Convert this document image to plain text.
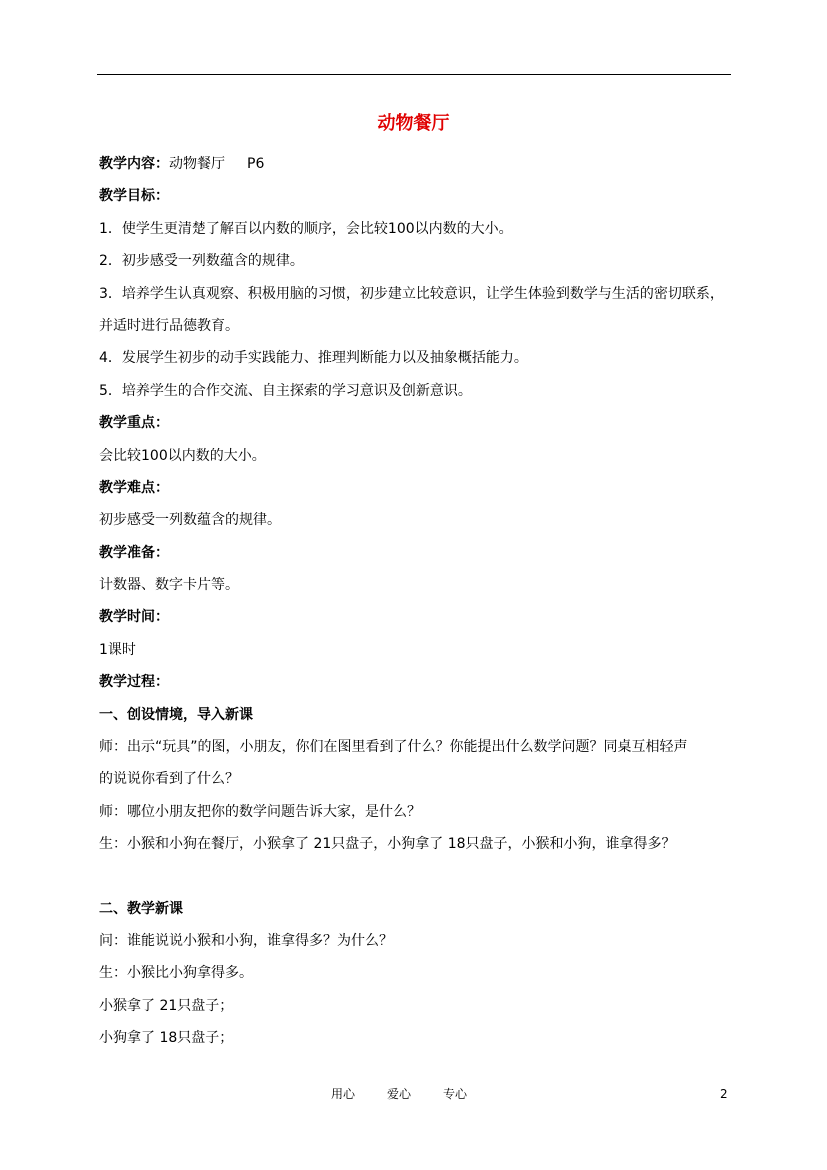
动物餐厅
教学内容：动物餐厅 P6
教学目标：
1．使学生更清楚了解百以内数的顺序，会比较100以内数的大小。
2．初步感受一列数蕴含的规律。
3．培养学生认真观察、积极用脑的习惯，初步建立比较意识，让学生体验到数学与生活的密切联系，
并适时进行品德教育。
4．发展学生初步的动手实践能力、推理判断能力以及抽象概括能力。
5．培养学生的合作交流、自主探索的学习意识及创新意识。
教学重点：
会比较100以内数的大小。
教学难点：
初步感受一列数蕴含的规律。
教学准备：
计数器、数字卡片等。
教学时间：
1课时
教学过程：
一、创设情境，导入新课
师：出示“玩具”的图，小朋友，你们在图里看到了什么？你能提出什么数学问题？同桌互相轻声
的说说你看到了什么？
师：哪位小朋友把你的数学问题告诉大家，是什么？
生：小猴和小狗在餐厅，小猴拿了 21只盘子，小狗拿了 18只盘子，小猴和小狗，谁拿得多？
二、教学新课
问：谁能说说小猴和小狗，谁拿得多？为什么？
生：小猴比小狗拿得多。
小猴拿了 21只盘子；
小狗拿了 18只盘子；
用心	爱心	专心	2
